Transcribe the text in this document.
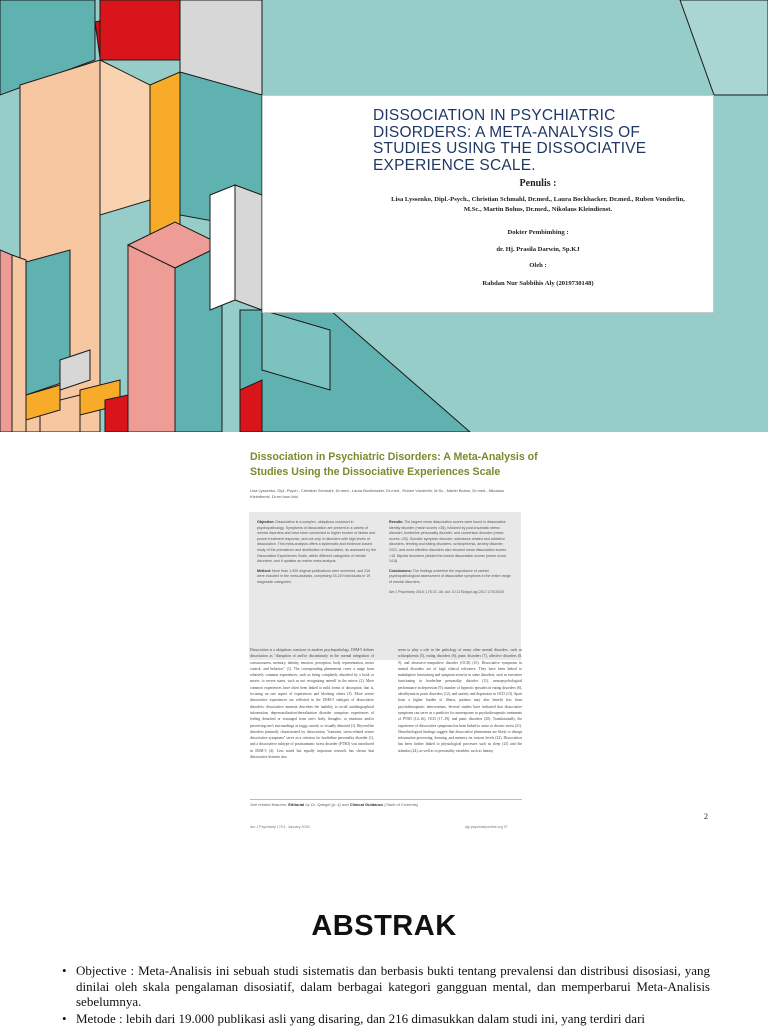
DISSOCIATION IN PSYCHIATRIC DISORDERS: A META-ANALYSIS OF STUDIES USING THE DISSOCIATIVE EXPERIENCE SCALE.
Penulis :
Lisa Lyssenko, Dipl.-Psych., Christian Schmahl, Dr.med., Laura Bockhacker, Dr.med., Ruben Vonderlin, M.Sc., Martin Bohus, Dr.med., Nikolaus Kleindienst.
Dokter Pembimbing :
dr. Hj. Prasila Darwin, Sp.KJ
Oleh :
Rahdan Nur Sabbihis Aly (2019730148)
Dissociation in Psychiatric Disorders: A Meta-Analysis of Studies Using the Dissociative Experiences Scale
Lisa Lyssenko, Dipl.-Psych., Christian Schmahl, Dr.med., Laura Bockhacker, Dr.med., Ruben Vonderlin, M.Sc., Martin Bohus, Dr.med., Nikolaus Kleindienst, Dr.rer.hum.biol.

Objective: Dissociation is a complex, ubiquitous construct in psychopathology. Symptoms of dissociation are present in a variety of mental disorders and have been connected to higher burden of illness and poorer treatment response, and not only in disorders with high levels of dissociation. This meta-analysis offers a systematic and evidence-based study of the prevalence and distribution of dissociation, as assessed by the Dissociative Experiences Scale, within different categories of mental disorders, and it updates an earlier meta-analysis.

Method: More than 1,900 original publications were screened, and 216 were included in the meta-analysis, comprising 15,219 individuals in 19 diagnostic categories.

Results: The largest mean dissociation scores were found in dissociative identity disorder (mean scores >35), followed by post-traumatic stress disorder, borderline personality disorder, and conversion disorder (mean scores >25). Somatic symptom disorder, substance-related and addictive disorders, feeding and eating disorders, schizophrenia, anxiety disorder, OCD, and most affective disorders also showed mean dissociation scores >15. Bipolar disorders yielded the lowest dissociation scores (mean score, 14.8).

Conclusions: The findings underline the importance of careful psychopathological assessment of dissociative symptoms in the entire range of mental disorders.

Am J Psychiatry 2018; 175:37–46; doi: 10.1176/appi.ajp.2017.17010025

Dissociation is a ubiquitous construct in modern psychopathology. DSM-5 defines dissociation as "disruption of and/or discontinuity in the normal integration of consciousness, memory, identity, emotion, perception, body representation, motor control, and behavior" (1). The corresponding phenomena cover a range from relatively common experiences, such as being completely absorbed by a book or movie, to severe states, such as not recognizing oneself in the mirror (2). More common experiences have often been linked to mild forms of absorption, that is, focusing on one aspect of experiences and blocking others (3). More severe dissociative experiences are reflected in the DSM-5 subtypes of dissociative disorders: dissociative amnesia describes the inability to recall autobiographical information; depersonalization/derealization disorder comprises experiences of feeling detached or estranged from one's body, thoughts, or emotions and/or perceiving one's surroundings as foggy, unreal, or visually distorted (1). Beyond the disorders primarily characterized by dissociation, "transient, stress-related severe dissociative symptoms" serve as a criterion for borderline personality disorder (1), and a dissociative subtype of posttraumatic stress disorder (PTSD) was introduced in DSM-5 (4). Less noted but equally important research has shown that dissociative features also
seem to play a role in the pathology of many other mental disorders, such as schizophrenia (5), eating disorders (6), panic disorders (7), affective disorders (8, 9), and obsessive-compulsive disorder (OCD) (10). Dissociative symptoms in mental disorders are of high clinical relevance. They have been linked to maladaptive functioning and symptom severity in some disorders, such as executive functioning in borderline personality disorder (11), neuropsychological performance in depression (9), number of hypnotic episodes in eating disorders (6), alexithymia in panic disorders (12), and anxiety and depression in OCD (13). Apart from a higher burden of illness, patients may also benefit less from psychotherapeutic interventions. Several studies have indicated that dissociative symptoms can serve as a predictor for nonresponse in psychotherapeutic treatments of PTSD (14–16), OCD (17–19), and panic disorders (20). Translationally, the experience of dissociative symptoms has been linked to acute or chronic stress (21). Neurobiological findings suggest that dissociative phenomena are likely to disrupt information processing, learning, and memory on various levels (22). Dissociation has been further linked to physiological processes such as sleep (23) and the stimulus (24), as well as to personality variables, such as fantasy
See related features: Editorial by Dr. Spiegel (p. 4) and Clinical Guidance (Table of Contents)
Am J Psychiatry 175:1, January 2018	ajp.psychiatryonline.org 37
2
ABSTRAK
• Objective : Meta-Analisis ini sebuah studi sistematis dan berbasis bukti tentang prevalensi dan distribusi disosiasi, yang dinilai oleh skala pengalaman disosiatif, dalam berbagai kategori gangguan mental, dan memperbarui Meta-Analisis sebelumnya.
• Metode : lebih dari 19.000 publikasi asli yang disaring, dan 216 dimasukkan dalam studi ini, yang terdiri dari
